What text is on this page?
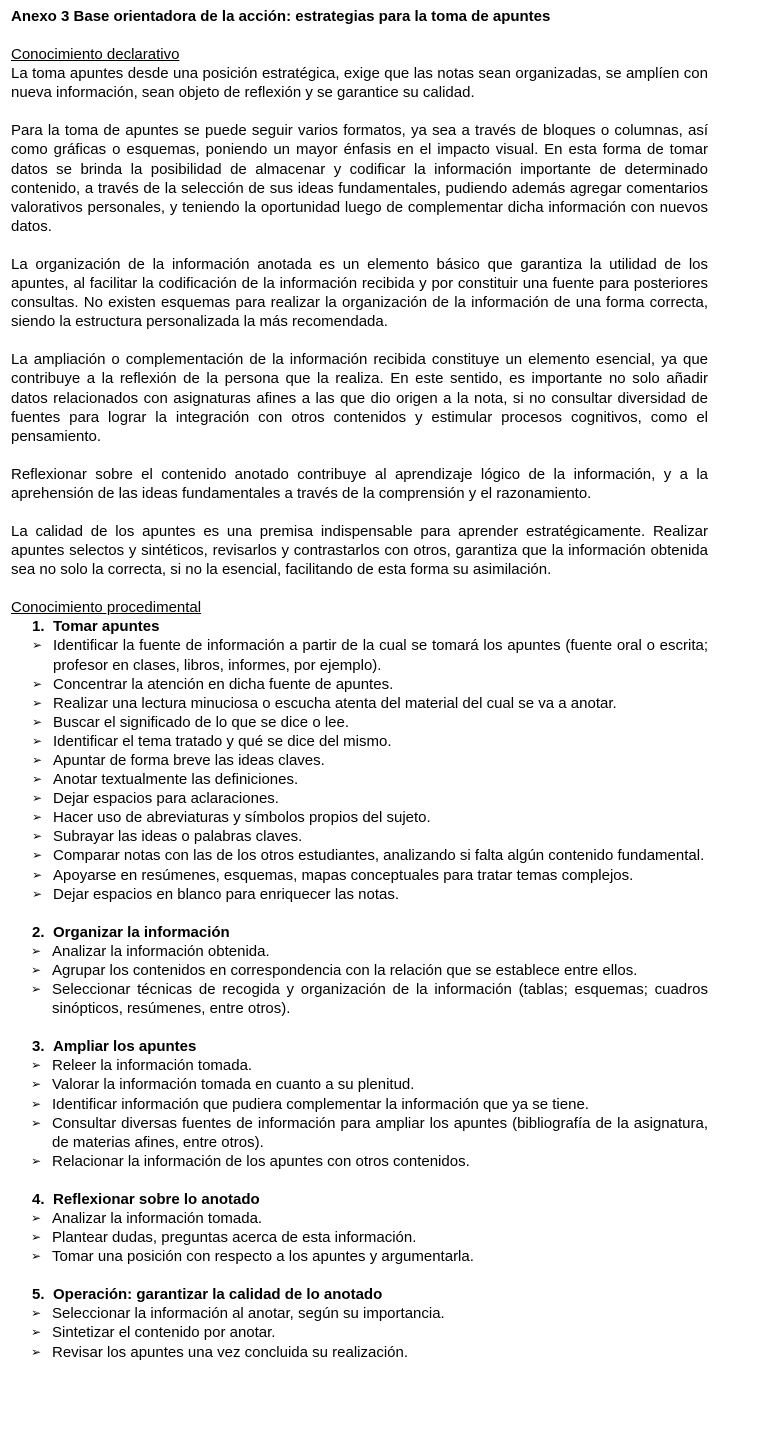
Anexo 3 Base orientadora de la acción: estrategias para la toma de apuntes

Conocimiento declarativo

La toma apuntes desde una posición estratégica, exige que las notas sean organizadas, se amplíen con nueva información, sean objeto de reflexión y se garantice su calidad.

Para la toma de apuntes se puede seguir varios formatos, ya sea a través de bloques o columnas, así como gráficas o esquemas, poniendo un mayor énfasis en el impacto visual. En esta forma de tomar datos se brinda la posibilidad de almacenar y codificar la información importante de determinado contenido, a través de la selección de sus ideas fundamentales, pudiendo además agregar comentarios valorativos personales, y teniendo la oportunidad luego de complementar dicha información con nuevos datos.

La organización de la información anotada es un elemento básico que garantiza la utilidad de los apuntes, al facilitar la codificación de la información recibida y por constituir una fuente para posteriores consultas. No existen esquemas para realizar la organización de la información de una forma correcta, siendo la estructura personalizada la más recomendada.

La ampliación o complementación de la información recibida constituye un elemento esencial, ya que contribuye a la reflexión de la persona que la realiza. En este sentido, es importante no solo añadir datos relacionados con asignaturas afines a las que dio origen a la nota, si no consultar diversidad de fuentes para lograr la integración con otros contenidos y estimular procesos cognitivos, como el pensamiento.

Reflexionar sobre el contenido anotado contribuye al aprendizaje lógico de la información, y a la aprehensión de las ideas fundamentales a través de la comprensión y el razonamiento.

La calidad de los apuntes es una premisa indispensable para aprender estratégicamente. Realizar apuntes selectos y sintéticos, revisarlos y contrastarlos con otros, garantiza que la información obtenida sea no solo la correcta, si no la esencial, facilitando de esta forma su asimilación.

Conocimiento procedimental

1. Tomar apuntes

➢ Identificar la fuente de información a partir de la cual se tomará los apuntes (fuente oral o escrita; profesor en clases, libros, informes, por ejemplo).
➢ Concentrar la atención en dicha fuente de apuntes.
➢ Realizar una lectura minuciosa o escucha atenta del material del cual se va a anotar.
➢ Buscar el significado de lo que se dice o lee.
➢ Identificar el tema tratado y qué se dice del mismo.
➢ Apuntar de forma breve las ideas claves.
➢ Anotar textualmente las definiciones.
➢ Dejar espacios para aclaraciones.
➢ Hacer uso de abreviaturas y símbolos propios del sujeto.
➢ Subrayar las ideas o palabras claves.
➢ Comparar notas con las de los otros estudiantes, analizando si falta algún contenido fundamental.
➢ Apoyarse en resúmenes, esquemas, mapas conceptuales para tratar temas complejos.
➢ Dejar espacios en blanco para enriquecer las notas.

2. Organizar la información

➢ Analizar la información obtenida.
➢ Agrupar los contenidos en correspondencia con la relación que se establece entre ellos.
➢ Seleccionar técnicas de recogida y organización de la información (tablas; esquemas; cuadros sinópticos, resúmenes, entre otros).

3. Ampliar los apuntes

➢ Releer la información tomada.
➢ Valorar la información tomada en cuanto a su plenitud.
➢ Identificar información que pudiera complementar la información que ya se tiene.
➢ Consultar diversas fuentes de información para ampliar los apuntes (bibliografía de la asignatura, de materias afines, entre otros).
➢ Relacionar la información de los apuntes con otros contenidos.

4. Reflexionar sobre lo anotado

➢ Analizar la información tomada.
➢ Plantear dudas, preguntas acerca de esta información.
➢ Tomar una posición con respecto a los apuntes y argumentarla.

5. Operación: garantizar la calidad de lo anotado

➢ Seleccionar la información al anotar, según su importancia.
➢ Sintetizar el contenido por anotar.
➢ Revisar los apuntes una vez concluida su realización.
